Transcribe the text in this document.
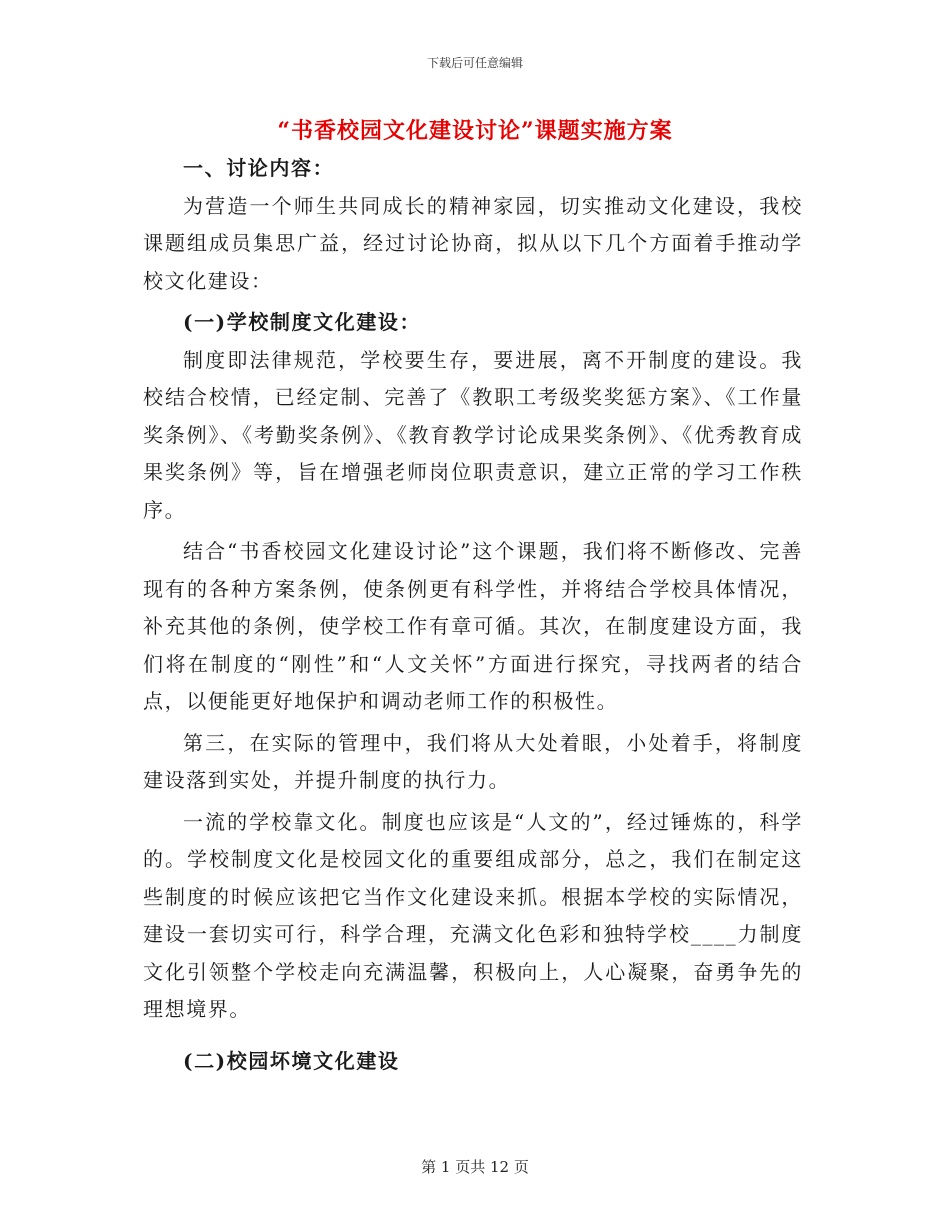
下载后可任意编辑
“书香校园文化建设讨论”课题实施方案
一、讨论内容：

为营造一个师生共同成长的精神家园，切实推动文化建设，我校课题组成员集思广益，经过讨论协商，拟从以下几个方面着手推动学校文化建设：

(一)学校制度文化建设：

制度即法律规范，学校要生存，要进展，离不开制度的建设。我校结合校情，已经定制、完善了《教职工考级奖奖惩方案》、《工作量奖条例》、《考勤奖条例》、《教育教学讨论成果奖条例》、《优秀教育成果奖条例》等，旨在增强老师岗位职责意识，建立正常的学习工作秩序。

结合“书香校园文化建设讨论”这个课题，我们将不断修改、完善现有的各种方案条例，使条例更有科学性，并将结合学校具体情况，补充其他的条例，使学校工作有章可循。其次，在制度建设方面，我们将在制度的“刚性”和“人文关怀”方面进行探究，寻找两者的结合点，以便能更好地保护和调动老师工作的积极性。

第三，在实际的管理中，我们将从大处着眼，小处着手，将制度建设落到实处，并提升制度的执行力。

一流的学校靠文化。制度也应该是“人文的”，经过锤炼的，科学的。学校制度文化是校园文化的重要组成部分，总之，我们在制定这些制度的时候应该把它当作文化建设来抓。根据本学校的实际情况，建设一套切实可行，科学合理，充满文化色彩和独特学校____力制度文化引领整个学校走向充满温馨，积极向上，人心凝聚，奋勇争先的理想境界。

(二)校园坏境文化建设
第 1 页共 12 页
